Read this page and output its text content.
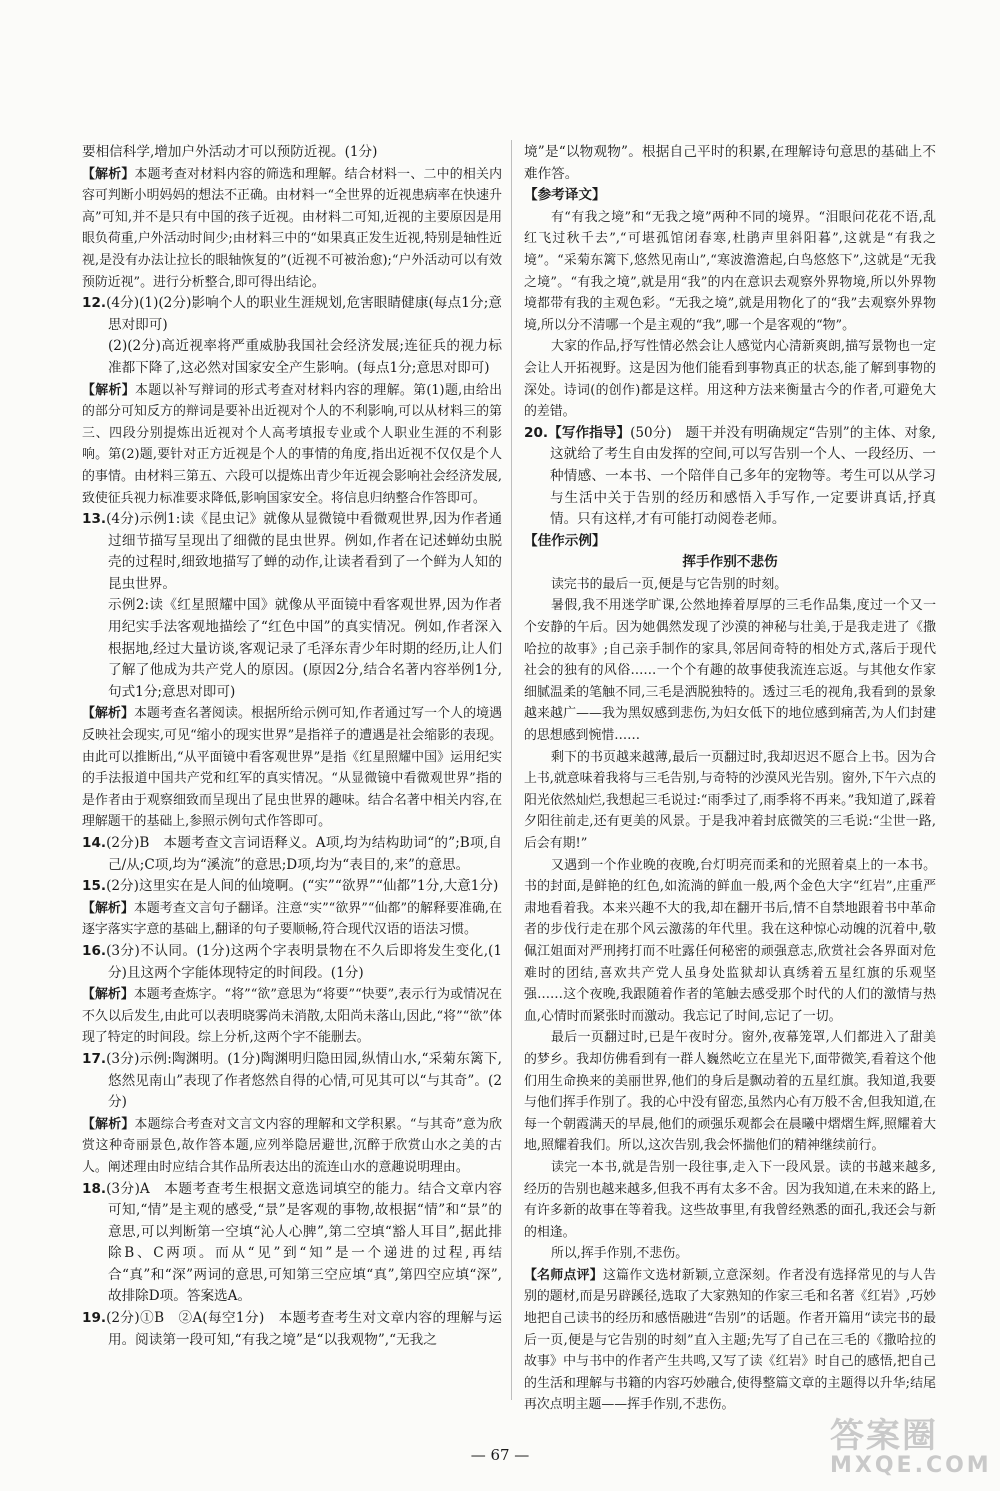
要相信科学,增加户外活动才可以预防近视。(1分)

【解析】本题考查对材料内容的筛选和理解。结合材料一、二中的相关内容可判断小明妈妈的想法不正确。由材料一“全世界的近视患病率在快速升高”可知,并不是只有中国的孩子近视。由材料二可知,近视的主要原因是用眼负荷重,户外活动时间少;由材料三中的“如果真正发生近视,特别是轴性近视,是没有办法让拉长的眼轴恢复的”(近视不可被治愈);“户外活动可以有效预防近视”。进行分析整合,即可得出结论。

12.(4分)(1)(2分)影响个人的职业生涯规划,危害眼睛健康(每点1分;意思对即可)

(2)(2分)高近视率将严重威胁我国社会经济发展;连征兵的视力标准都下降了,这必然对国家安全产生影响。(每点1分;意思对即可)

【解析】本题以补写辩词的形式考查对材料内容的理解。第(1)题,由给出的部分可知反方的辩词是要补出近视对个人的不利影响,可以从材料三的第三、四段分别提炼出近视对个人高考填报专业或个人职业生涯的不利影响。第(2)题,要针对正方近视是个人的事情的角度,指出近视不仅仅是个人的事情。由材料三第五、六段可以提炼出青少年近视会影响社会经济发展,致使征兵视力标准要求降低,影响国家安全。将信息归纳整合作答即可。

13.(4分)示例1:读《昆虫记》就像从显微镜中看微观世界,因为作者通过细节描写呈现出了细微的昆虫世界。例如,作者在记述蝉幼虫脱壳的过程时,细致地描写了蝉的动作,让读者看到了一个鲜为人知的昆虫世界。

示例2:读《红星照耀中国》就像从平面镜中看客观世界,因为作者用纪实手法客观地描绘了“红色中国”的真实情况。例如,作者深入根据地,经过大量访谈,客观记录了毛泽东青少年时期的经历,让人们了解了他成为共产党人的原因。(原因2分,结合名著内容举例1分,句式1分;意思对即可)

【解析】本题考查名著阅读。根据所给示例可知,作者通过写一个人的境遇反映社会现实,可见“缩小的现实世界”是指祥子的遭遇是社会缩影的表现。由此可以推断出,“从平面镜中看客观世界”是指《红星照耀中国》运用纪实的手法报道中国共产党和红军的真实情况。“从显微镜中看微观世界”指的是作者由于观察细致而呈现出了昆虫世界的趣味。结合名著中相关内容,在理解题干的基础上,参照示例句式作答即可。

14.(2分)B　本题考查文言词语释义。A项,均为结构助词“的”;B项,自己/从;C项,均为“溪流”的意思;D项,均为“表目的,来”的意思。

15.(2分)这里实在是人间的仙境啊。(“实”“欲界”“仙都”1分,大意1分)

【解析】本题考查文言句子翻译。注意“实”“欲界”“仙都”的解释要准确,在逐字落实字意的基础上,翻译的句子要顺畅,符合现代汉语的语法习惯。

16.(3分)不认同。(1分)这两个字表明景物在不久后即将发生变化,(1分)且这两个字能体现特定的时间段。(1分)

【解析】本题考查炼字。“将”“欲”意思为“将要”“快要”,表示行为或情况在不久以后发生,由此可以表明晓雾尚未消散,太阳尚未落山,因此,“将”“欲”体现了特定的时间段。综上分析,这两个字不能删去。

17.(3分)示例:陶渊明。(1分)陶渊明归隐田园,纵情山水,“采菊东篱下,悠然见南山”表现了作者悠然自得的心情,可见其可以“与其奇”。(2分)

【解析】本题综合考查对文言文内容的理解和文学积累。“与其奇”意为欣赏这种奇丽景色,故作答本题,应列举隐居避世,沉醉于欣赏山水之美的古人。阐述理由时应结合其作品所表达出的流连山水的意趣说明理由。

18.(3分)A　本题考查考生根据文意选词填空的能力。结合文章内容可知,“情”是主观的感受,“景”是客观的事物,故根据“情”和“景”的意思,可以判断第一空填“沁人心脾”,第二空填“豁人耳目”,据此排除B、C两项。而从“见”到“知”是一个递进的过程,再结合“真”和“深”两词的意思,可知第三空应填“真”,第四空应填“深”,故排除D项。答案选A。

19.(2分)①B　②A(每空1分)　本题考查考生对文章内容的理解与运用。阅读第一段可知,“有我之境”是“以我观物”,“无我之

境”是“以物观物”。根据自己平时的积累,在理解诗句意思的基础上不难作答。

【参考译文】

有“有我之境”和“无我之境”两种不同的境界。“泪眼问花花不语,乱红飞过秋千去”,“可堪孤馆闭春寒,杜鹃声里斜阳暮”,这就是“有我之境”。“采菊东篱下,悠然见南山”,“寒波澹澹起,白鸟悠悠下”,这就是“无我之境”。“有我之境”,就是用“我”的内在意识去观察外界物境,所以外界物境都带有我的主观色彩。“无我之境”,就是用物化了的“我”去观察外界物境,所以分不清哪一个是主观的“我”,哪一个是客观的“物”。

大家的作品,抒写性情必然会让人感觉内心清新爽朗,描写景物也一定会让人开拓视野。这是因为他们能看到事物真正的状态,能了解到事物的深处。诗词(的创作)都是这样。用这种方法来衡量古今的作者,可避免大的差错。

20.【写作指导】(50分)　题干并没有明确规定“告别”的主体、对象,这就给了考生自由发挥的空间,可以写告别一个人、一段经历、一种情感、一本书、一个陪伴自己多年的宠物等。考生可以从学习与生活中关于告别的经历和感悟入手写作,一定要讲真话,抒真情。只有这样,才有可能打动阅卷老师。

【佳作示例】

挥手作别不悲伤

读完书的最后一页,便是与它告别的时刻。

暑假,我不用迷学旷课,公然地捧着厚厚的三毛作品集,度过一个又一个安静的午后。因为她偶然发现了沙漠的神秘与壮美,于是我走进了《撒哈拉的故事》;自己亲手制作的家具,邻居间奇特的相处方式,落后于现代社会的独有的风俗……一个个有趣的故事使我流连忘返。与其他女作家细腻温柔的笔触不同,三毛是洒脱独特的。透过三毛的视角,我看到的景象越来越广——我为黑奴感到悲伤,为妇女低下的地位感到痛苦,为人们封建的思想感到惋惜……

剩下的书页越来越薄,最后一页翻过时,我却迟迟不愿合上书。因为合上书,就意味着我将与三毛告别,与奇特的沙漠风光告别。窗外,下午六点的阳光依然灿烂,我想起三毛说过:“雨季过了,雨季将不再来。”我知道了,踩着夕阳往前走,还有更美的风景。于是我冲着封底微笑的三毛说:“尘世一路,后会有期!”

又遇到一个作业晚的夜晚,台灯明亮而柔和的光照着桌上的一本书。书的封面,是鲜艳的红色,如流淌的鲜血一般,两个金色大字“红岩”,庄重严肃地看着我。本来兴趣不大的我,却在翻开书后,情不自禁地跟着书中革命者的步伐行走在那个风云激荡的年代里。我在这种惊心动魄的沉着中,敬佩江姐面对严刑拷打而不吐露任何秘密的顽强意志,欣赏社会各界面对危难时的团结,喜欢共产党人虽身处监狱却认真绣着五星红旗的乐观坚强……这个夜晚,我跟随着作者的笔触去感受那个时代的人们的激情与热血,心情时而紧张时而激动。我忘记了时间,忘记了一切。

最后一页翻过时,已是午夜时分。窗外,夜幕笼罩,人们都进入了甜美的梦乡。我却仿佛看到有一群人巍然屹立在星光下,面带微笑,看着这个他们用生命换来的美丽世界,他们的身后是飘动着的五星红旗。我知道,我要与他们挥手作别了。我的心中没有留恋,虽然内心有万般不舍,但我知道,在每一个朝霞满天的早晨,他们的顽强乐观都会在晨曦中熠熠生辉,照耀着大地,照耀着我们。所以,这次告别,我会怀揣他们的精神继续前行。

读完一本书,就是告别一段往事,走入下一段风景。读的书越来越多,经历的告别也越来越多,但我不再有太多不舍。因为我知道,在未来的路上,有许多新的故事在等着我。这些故事里,有我曾经熟悉的面孔,我还会与新的相逢。

所以,挥手作别,不悲伤。

【名师点评】这篇作文选材新颖,立意深刻。作者没有选择常见的与人告别的题材,而是另辟蹊径,选取了大家熟知的作家三毛和名著《红岩》,巧妙地把自己读书的经历和感悟融进“告别”的话题。作者开篇用“读完书的最后一页,便是与它告别的时刻”直入主题;先写了自己在三毛的《撒哈拉的故事》中与书中的作者产生共鸣,又写了读《红岩》时自己的感悟,把自己的生活和理解与书籍的内容巧妙融合,使得整篇文章的主题得以升华;结尾再次点明主题——挥手作别,不悲伤。

— 67 —	答案圈
MXQE.COM
